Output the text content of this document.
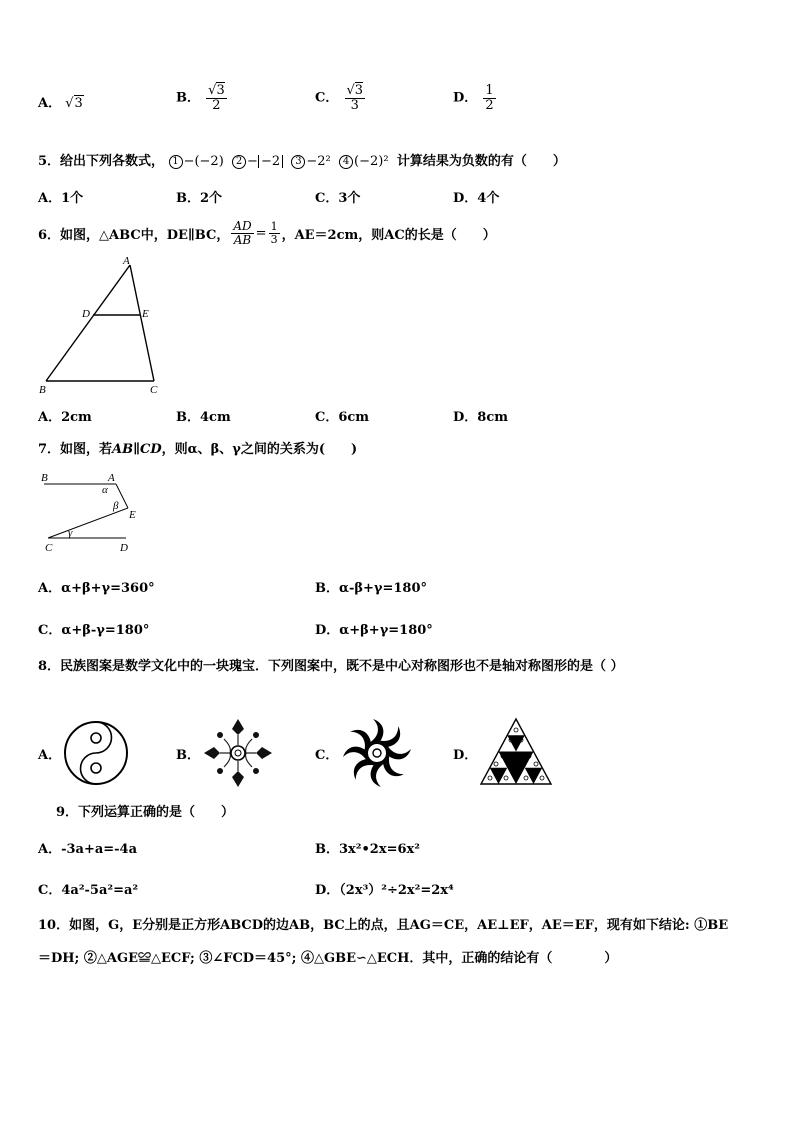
A． √3	B． $\frac{√3}{2}$	C． $\frac{√3}{3}$	D． $\frac{1}{2}$
5．给出下列各数式， 1 −(−2) 2 − −2 3 −2² 4 (−2)² 计算结果为负数的有（　　）
A．1个	B．2个	C．3个	D．4个
6．如图，△ABC中，DE∥BC， $\frac{AD}{AB} = \frac{1}{3}$ ，AE＝2cm，则AC的长是（　　）
A
D	E
B	C
A．2cm	B．4cm	C．6cm	D．8cm
7．如图，若AB∥CD，则α、β、γ之间的关系为(　　)
B	A
α
β
E
γ
C	D
A．α+β+γ=360°	B．α-β+γ=180°
C．α+β-γ=180°	D．α+β+γ=180°
8．民族图案是数学文化中的一块瑰宝．下列图案中，既不是中心对称图形也不是轴对称图形的是（ ）
A．	B．	C．	D．
9．下列运算正确的是（　　）
A．-3a+a=-4a	B．3x²•2x=6x²
C．4a²-5a²=a²	D．（2x³）²÷2x²=2x⁴
10．如图，G，E分别是正方形ABCD的边AB，BC上的点，且AG＝CE，AE⊥EF，AE＝EF，现有如下结论: ①BE
＝DH; ②△AGE≌△ECF; ③∠FCD＝45°; ④△GBE∽△ECH．其中，正确的结论有（　　　　）
